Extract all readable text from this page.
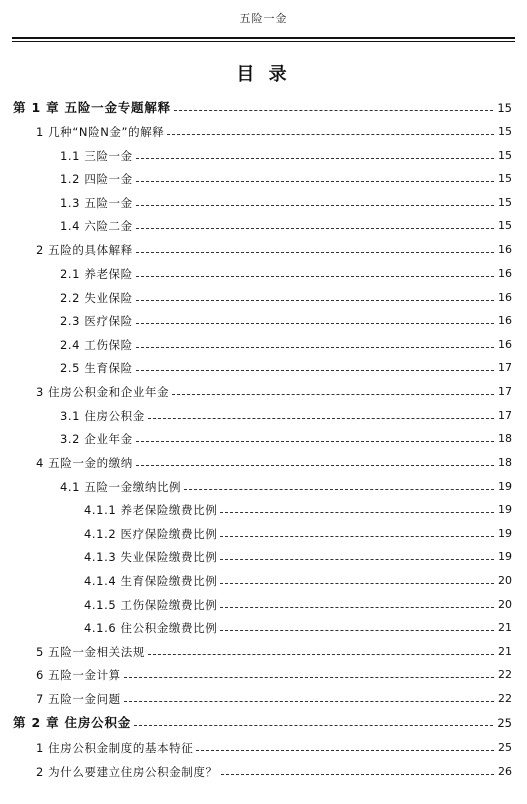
五险一金
目 录
第 1 章 五险一金专题解释	15
1 几种“N险N金”的解释	15
1.1 三险一金	15
1.2 四险一金	15
1.3 五险一金	15
1.4 六险二金	15
2 五险的具体解释	16
2.1 养老保险	16
2.2 失业保险	16
2.3 医疗保险	16
2.4 工伤保险	16
2.5 生育保险	17
3 住房公积金和企业年金	17
3.1 住房公积金	17
3.2 企业年金	18
4 五险一金的缴纳	18
4.1 五险一金缴纳比例	19
4.1.1 养老保险缴费比例	19
4.1.2 医疗保险缴费比例	19
4.1.3 失业保险缴费比例	19
4.1.4 生育保险缴费比例	20
4.1.5 工伤保险缴费比例	20
4.1.6 住公积金缴费比例	21
5 五险一金相关法规	21
6 五险一金计算	22
7 五险一金问题	22
第 2 章 住房公积金	25
1 住房公积金制度的基本特征	25
2 为什么要建立住房公积金制度？	26
